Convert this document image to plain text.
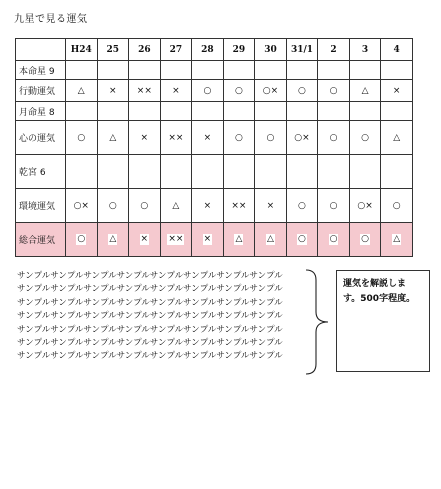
九星で見る運気
	H24	25	26	27	28	29	30	31/1	2	3	4
本命星 9											
行動運気	△	×	××	×	○	○	○×	○	○	△	×
月命星 8											
心の運気	○	△	×	××	×	○	○	○×	○	○	△
乾宮 6											
環境運気	○×	○	○	△	×	××	×	○	○	○×	○
総合運気	○	△	×	××	×	△	△	○	○	○	△
サンプルサンプルサンプルサンプルサンプルサンプルサンプルサンプル
サンプルサンプルサンプルサンプルサンプルサンプルサンプルサンプル
サンプルサンプルサンプルサンプルサンプルサンプルサンプルサンプル
サンプルサンプルサンプルサンプルサンプルサンプルサンプルサンプル
サンプルサンプルサンプルサンプルサンプルサンプルサンプルサンプル
サンプルサンプルサンプルサンプルサンプルサンプルサンプルサンプル
サンプルサンプルサンプルサンプルサンプルサンプルサンプルサンプル
運気を解説しま
す。500字程度。
